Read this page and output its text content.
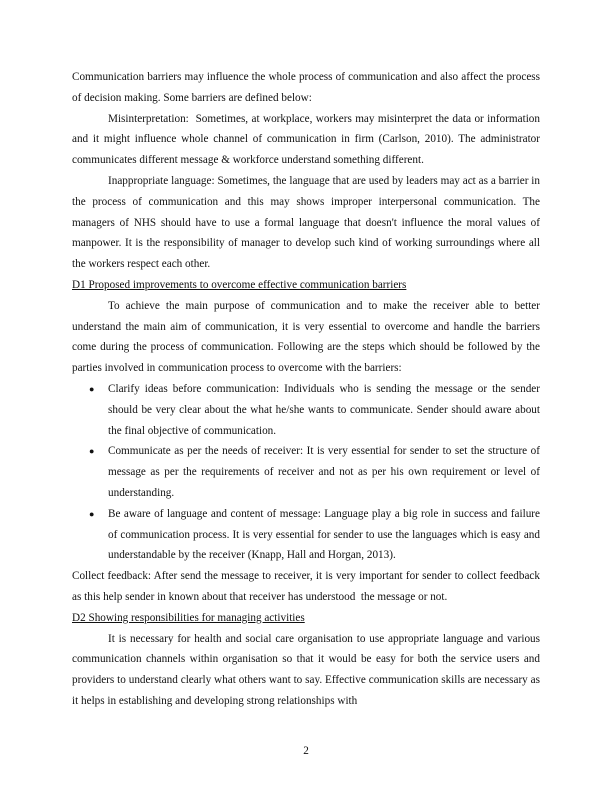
Communication barriers may influence the whole process of communication and also affect the process of decision making. Some barriers are defined below:

Misinterpretation:  Sometimes, at workplace, workers may misinterpret the data or information and it might influence whole channel of communication in firm (Carlson, 2010). The administrator communicates different message & workforce understand something different.

Inappropriate language: Sometimes, the language that are used by leaders may act as a barrier in the process of communication and this may shows improper interpersonal communication. The managers of NHS should have to use a formal language that doesn't influence the moral values of manpower. It is the responsibility of manager to develop such kind of working surroundings where all the workers respect each other.

D1 Proposed improvements to overcome effective communication barriers

To achieve the main purpose of communication and to make the receiver able to better understand the main aim of communication, it is very essential to overcome and handle the barriers come during the process of communication. Following are the steps which should be followed by the parties involved in communication process to overcome with the barriers:

● Clarify ideas before communication: Individuals who is sending the message or the sender should be very clear about the what he/she wants to communicate. Sender should aware about the final objective of communication.
● Communicate as per the needs of receiver: It is very essential for sender to set the structure of message as per the requirements of receiver and not as per his own requirement or level of understanding.
● Be aware of language and content of message: Language play a big role in success and failure of communication process. It is very essential for sender to use the languages which is easy and understandable by the receiver (Knapp, Hall and Horgan, 2013).

Collect feedback: After send the message to receiver, it is very important for sender to collect feedback as this help sender in known about that receiver has understood  the message or not.

D2 Showing responsibilities for managing activities

It is necessary for health and social care organisation to use appropriate language and various communication channels within organisation so that it would be easy for both the service users and providers to understand clearly what others want to say. Effective communication skills are necessary as it helps in establishing and developing strong relationships with

2
